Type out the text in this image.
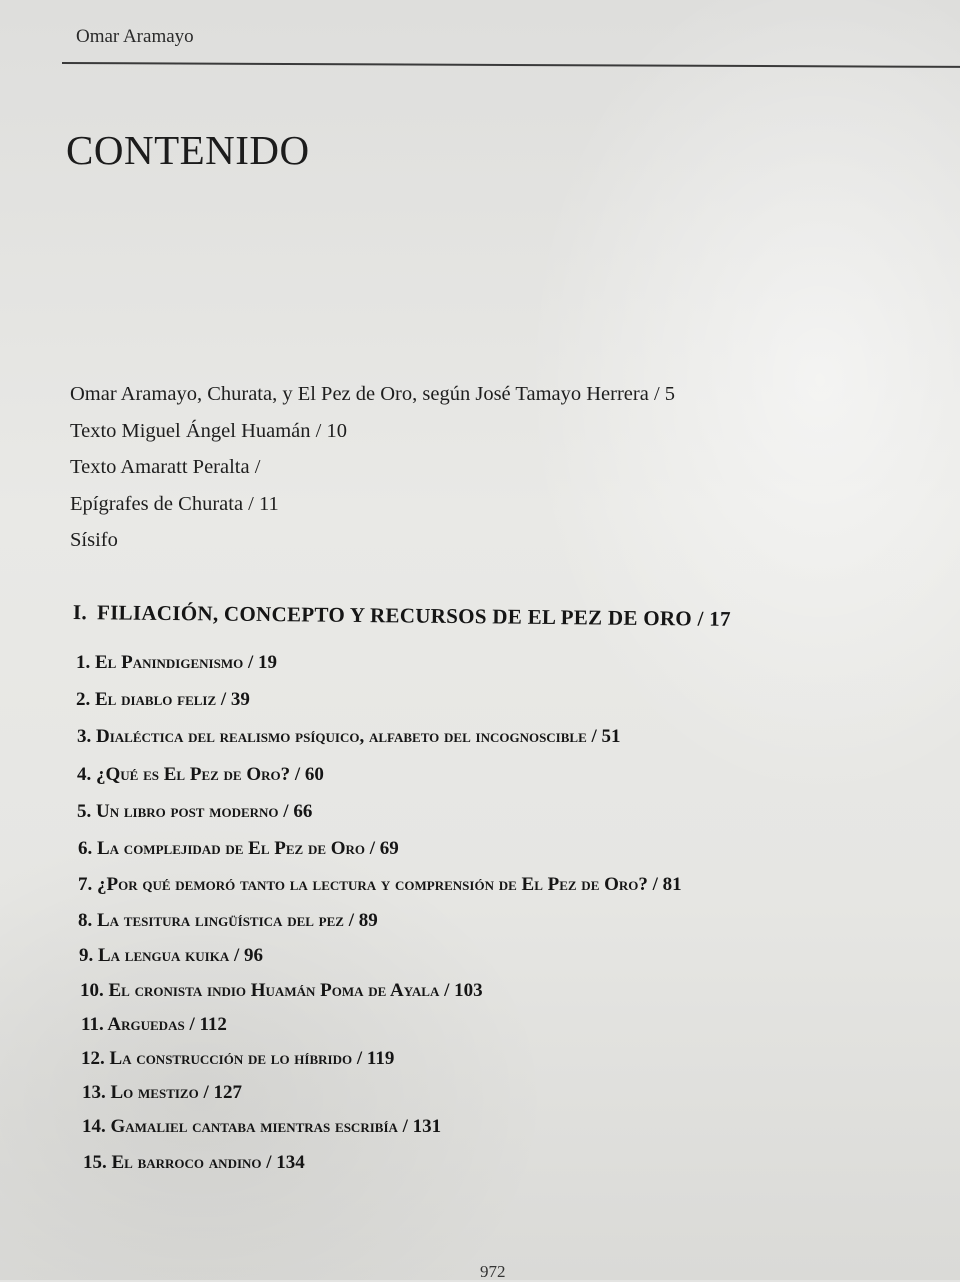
Omar Aramayo
CONTENIDO
Omar Aramayo, Churata, y El Pez de Oro, según José Tamayo Herrera / 5
Texto Miguel Ángel Huamán / 10
Texto Amaratt Peralta /
Epígrafes de Churata / 11
Sísifo
I. FILIACIÓN, CONCEPTO Y RECURSOS DE EL PEZ DE ORO / 17
1. El Panindigenismo / 19
2. El diablo feliz / 39
3. Dialéctica del realismo psíquico, alfabeto del incognoscible / 51
4. ¿Qué es El Pez de Oro? / 60
5. Un libro post moderno / 66
6. La complejidad de El Pez de Oro / 69
7. ¿Por qué demoró tanto la lectura y comprensión de El Pez de Oro? / 81
8. La tesitura lingüística del pez / 89
9. La lengua kuika / 96
10. El cronista indio Huamán Poma de Ayala / 103
11. Arguedas / 112
12. La construcción de lo híbrido / 119
13. Lo mestizo / 127
14. Gamaliel cantaba mientras escribía / 131
15. El barroco andino / 134
972
